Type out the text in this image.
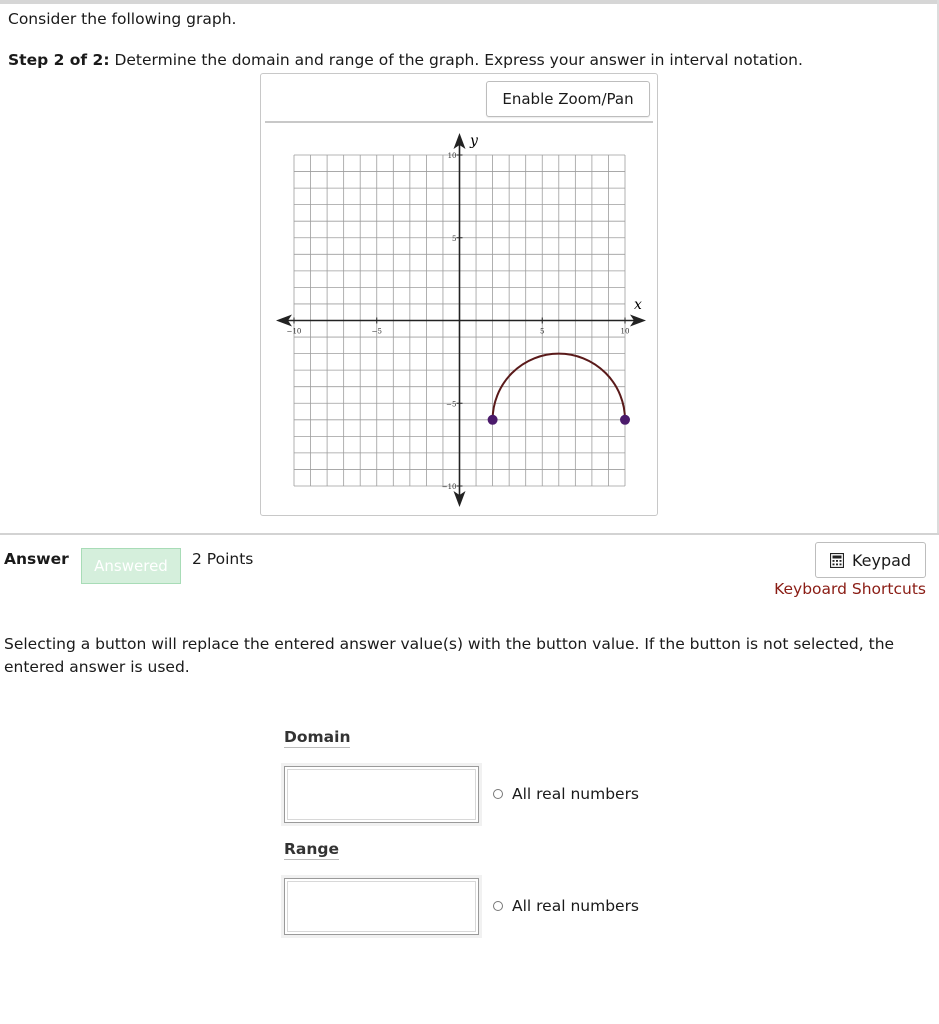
Consider the following graph.
Step 2 of 2: Determine the domain and range of the graph. Express your answer in interval notation.
Enable Zoom/Pan
−10	−5	5	10
10
5
−5
−10
x
y
Answer	Answered	2 Points	Keypad
Keyboard Shortcuts
Selecting a button will replace the entered answer value(s) with the button value. If the button is not selected, the entered answer is used.
Domain
All real numbers
Range
All real numbers
